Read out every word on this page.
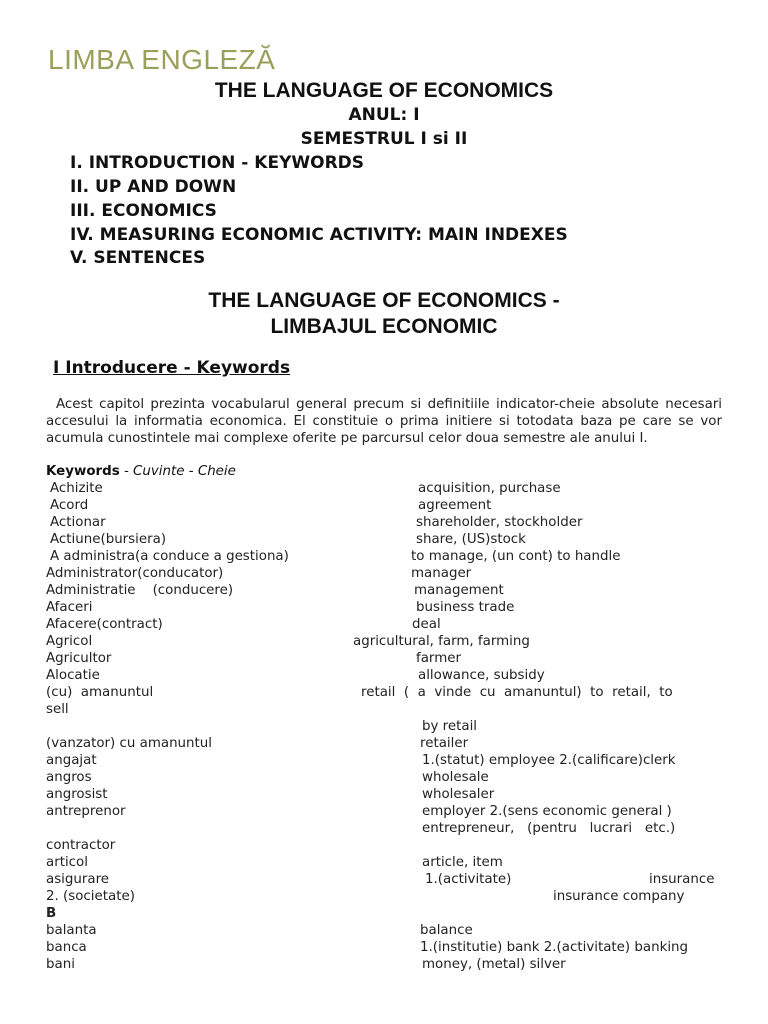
LIMBA ENGLEZĂ
THE LANGUAGE OF ECONOMICS
ANUL: I
SEMESTRUL I si II
I. INTRODUCTION - KEYWORDS
II. UP AND DOWN
III. ECONOMICS
IV. MEASURING ECONOMIC ACTIVITY: MAIN INDEXES
V. SENTENCES
THE LANGUAGE OF ECONOMICS -
LIMBAJUL ECONOMIC
I Introducere - Keywords
Acest capitol prezinta vocabularul general precum si definitiile indicator-cheie absolute necesari accesului la informatia economica. El constituie o prima initiere si totodata baza pe care se vor acumula cunostintele mai complexe oferite pe parcursul celor doua semestre ale anului I.
Keywords - Cuvinte - Cheie
Achizite	acquisition, purchase
Acord	agreement
Actionar	shareholder, stockholder
Actiune(bursiera)	share, (US)stock
A administra(a conduce a gestiona)	to manage, (un cont) to handle
Administrator(conducator)	manager
Administratie    (conducere)	management
Afaceri	business trade
Afacere(contract)	deal
Agricol	agricultural, farm, farming
Agricultor	farmer
Alocatie	allowance, subsidy
(cu)  amanuntul	retail  (  a  vinde  cu  amanuntul)  to  retail,  to
sell
by retail
(vanzator) cu amanuntul	retailer
angajat	1.(statut) employee 2.(calificare)clerk
angros	wholesale
angrosist	wholesaler
antreprenor	employer 2.(sens economic general )
entrepreneur,   (pentru   lucrari   etc.)
contractor
articol	article, item
asigurare	1.(activitate)	insurance
2. (societate)	insurance company
B
balanta	balance
banca	1.(institutie) bank 2.(activitate) banking
bani	money, (metal) silver
